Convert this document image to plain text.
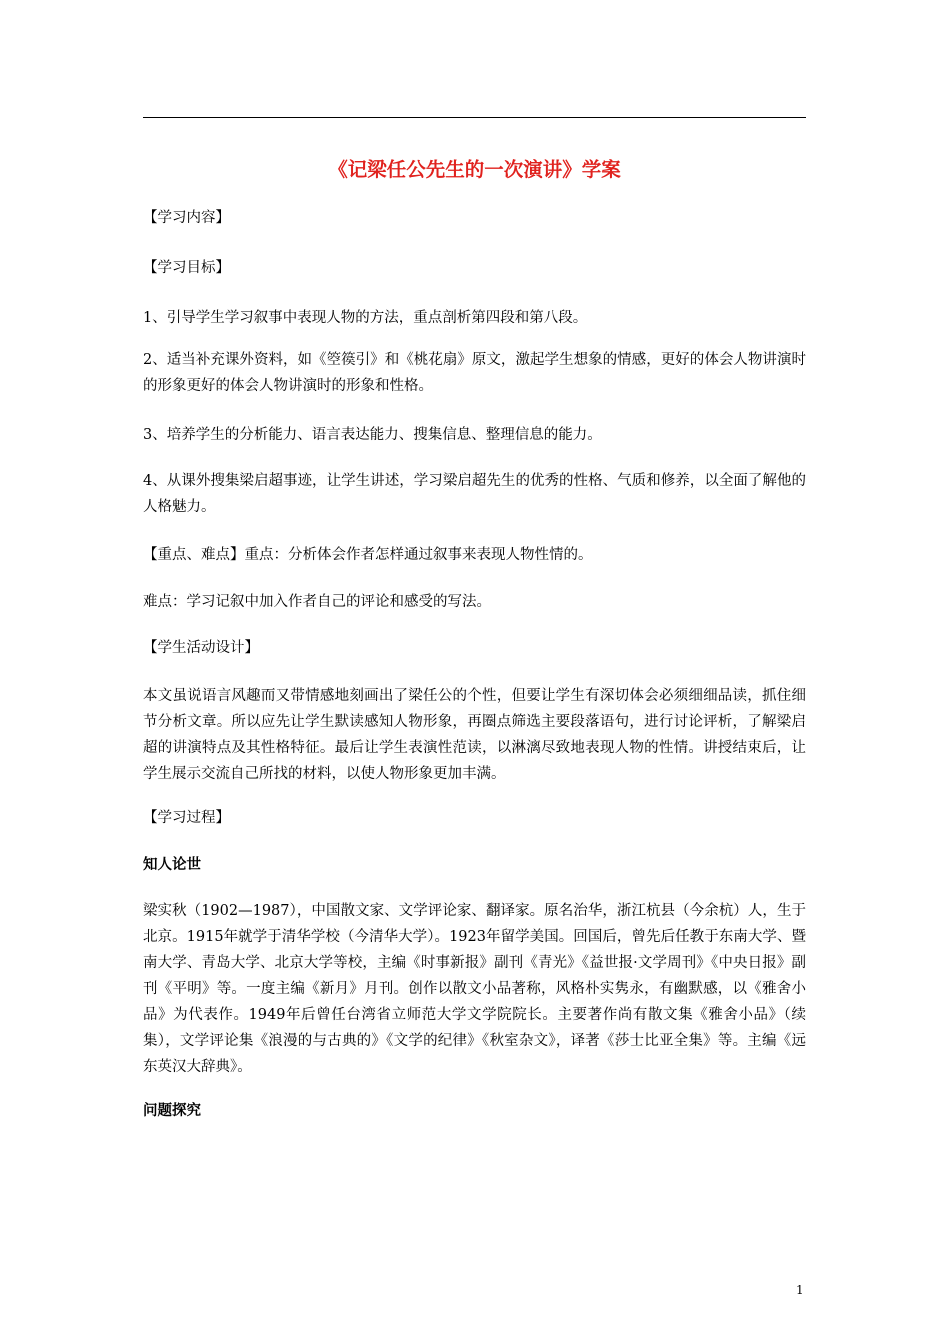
《记梁任公先生的一次演讲》学案

【学习内容】

【学习目标】

1、引导学生学习叙事中表现人物的方法，重点剖析第四段和第八段。

2、适当补充课外资料，如《箜篌引》和《桃花扇》原文，激起学生想象的情感，更好的体会人物讲演时的形象更好的体会人物讲演时的形象和性格。

3、培养学生的分析能力、语言表达能力、搜集信息、整理信息的能力。

4、从课外搜集梁启超事迹，让学生讲述，学习梁启超先生的优秀的性格、气质和修养，以全面了解他的人格魅力。

【重点、难点】重点：分析体会作者怎样通过叙事来表现人物性情的。

难点：学习记叙中加入作者自己的评论和感受的写法。

【学生活动设计】

本文虽说语言风趣而又带情感地刻画出了梁任公的个性，但要让学生有深切体会必须细细品读，抓住细节分析文章。所以应先让学生默读感知人物形象，再圈点筛选主要段落语句，进行讨论评析，了解梁启超的讲演特点及其性格特征。最后让学生表演性范读，以淋漓尽致地表现人物的性情。讲授结束后，让学生展示交流自己所找的材料，以使人物形象更加丰满。

【学习过程】

知人论世

梁实秋（1902—1987），中国散文家、文学评论家、翻译家。原名治华，浙江杭县（今余杭）人，生于北京。1915年就学于清华学校（今清华大学）。1923年留学美国。回国后，曾先后任教于东南大学、暨南大学、青岛大学、北京大学等校，主编《时事新报》副刊《青光》《益世报·文学周刊》《中央日报》副刊《平明》等。一度主编《新月》月刊。创作以散文小品著称，风格朴实隽永，有幽默感，以《雅舍小品》为代表作。1949年后曾任台湾省立师范大学文学院院长。主要著作尚有散文集《雅舍小品》（续集），文学评论集《浪漫的与古典的》《文学的纪律》《秋室杂文》，译著《莎士比亚全集》等。主编《远东英汉大辞典》。

问题探究

1
